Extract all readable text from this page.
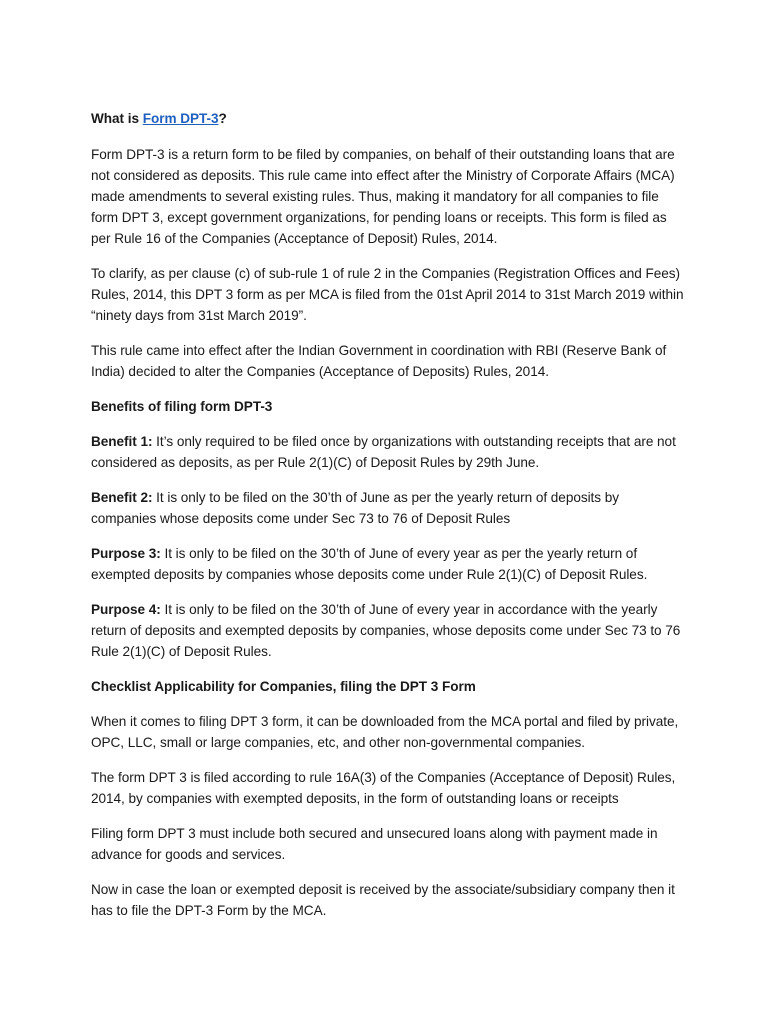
What is Form DPT-3?

Form DPT-3 is a return form to be filed by companies, on behalf of their outstanding loans that are not considered as deposits. This rule came into effect after the Ministry of Corporate Affairs (MCA) made amendments to several existing rules. Thus, making it mandatory for all companies to file form DPT 3, except government organizations, for pending loans or receipts. This form is filed as per Rule 16 of the Companies (Acceptance of Deposit) Rules, 2014.

To clarify, as per clause (c) of sub-rule 1 of rule 2 in the Companies (Registration Offices and Fees) Rules, 2014, this DPT 3 form as per MCA is filed from the 01st April 2014 to 31st March 2019 within “ninety days from 31st March 2019”.

This rule came into effect after the Indian Government in coordination with RBI (Reserve Bank of India) decided to alter the Companies (Acceptance of Deposits) Rules, 2014.

Benefits of filing form DPT-3

Benefit 1: It’s only required to be filed once by organizations with outstanding receipts that are not considered as deposits, as per Rule 2(1)(C) of Deposit Rules by 29th June.

Benefit 2: It is only to be filed on the 30’th of June as per the yearly return of deposits by companies whose deposits come under Sec 73 to 76 of Deposit Rules

Purpose 3: It is only to be filed on the 30’th of June of every year as per the yearly return of exempted deposits by companies whose deposits come under Rule 2(1)(C) of Deposit Rules.

Purpose 4: It is only to be filed on the 30’th of June of every year in accordance with the yearly return of deposits and exempted deposits by companies, whose deposits come under Sec 73 to 76 Rule 2(1)(C) of Deposit Rules.

Checklist Applicability for Companies, filing the DPT 3 Form

When it comes to filing DPT 3 form, it can be downloaded from the MCA portal and filed by private, OPC, LLC, small or large companies, etc, and other non-governmental companies.

The form DPT 3 is filed according to rule 16A(3) of the Companies (Acceptance of Deposit) Rules, 2014, by companies with exempted deposits, in the form of outstanding loans or receipts

Filing form DPT 3 must include both secured and unsecured loans along with payment made in advance for goods and services.

Now in case the loan or exempted deposit is received by the associate/subsidiary company then it has to file the DPT-3 Form by the MCA.
